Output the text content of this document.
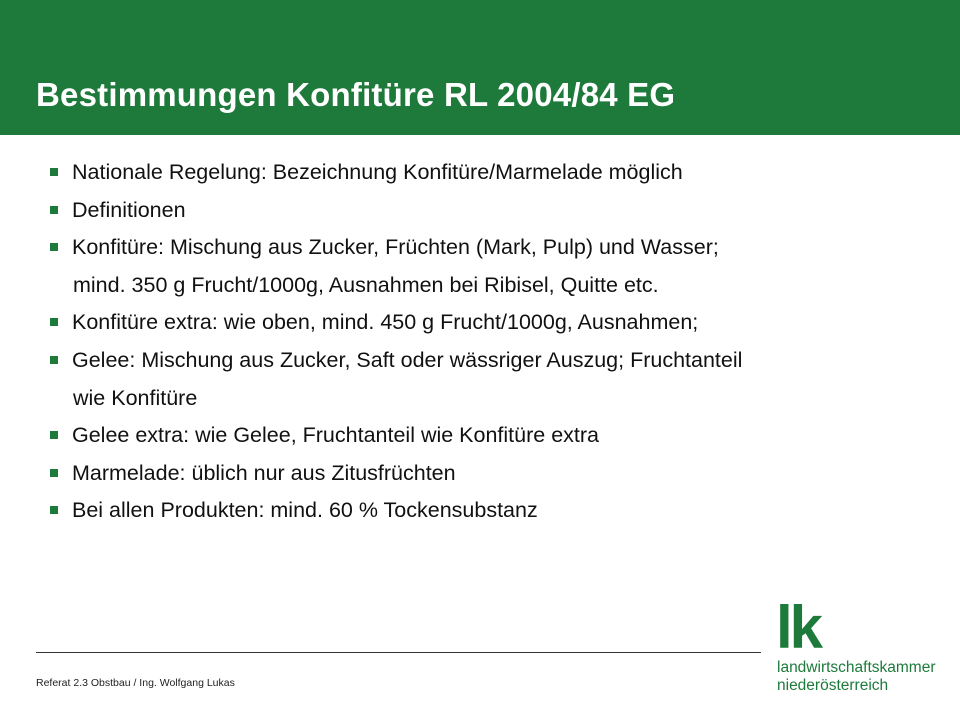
Bestimmungen Konfitüre RL 2004/84 EG
Nationale Regelung: Bezeichnung Konfitüre/Marmelade möglich
Definitionen
Konfitüre: Mischung aus Zucker, Früchten (Mark, Pulp) und Wasser;
mind. 350 g Frucht/1000g, Ausnahmen bei Ribisel, Quitte etc.
Konfitüre extra: wie oben, mind. 450 g Frucht/1000g, Ausnahmen;
Gelee: Mischung aus Zucker, Saft oder wässriger Auszug; Fruchtanteil
wie Konfitüre
Gelee extra: wie Gelee, Fruchtanteil wie Konfitüre extra
Marmelade: üblich nur aus Zitusfrüchten
Bei allen Produkten: mind. 60 % Tockensubstanz
Referat 2.3 Obstbau / Ing. Wolfgang Lukas
lk
landwirtschaftskammer
niederösterreich
